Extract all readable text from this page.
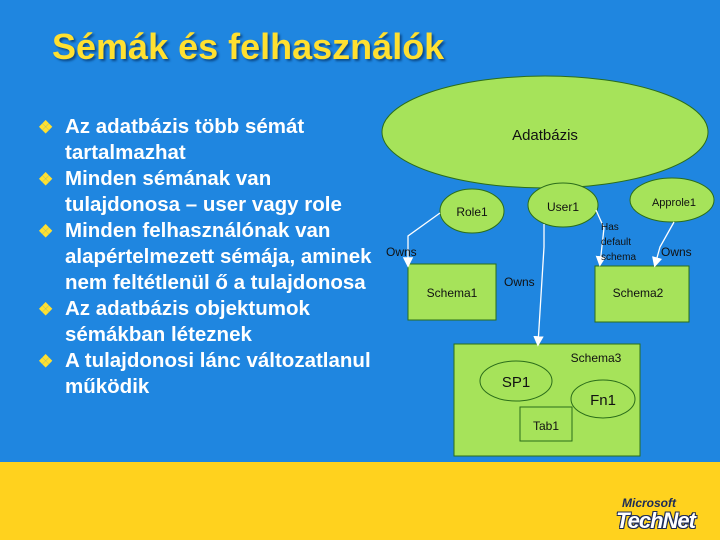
Sémák és felhasználók
❖ Az adatbázis több sémát tartalmazhat
❖ Minden sémának van tulajdonosa – user vagy role
❖ Minden felhasználónak van alapértelmezett sémája, aminek nem feltétlenül ő a tulajdonosa
❖ Az adatbázis objektumok sémákban léteznek
❖ A tulajdonosi lánc változatlanul működik
Adatbázis
Role1	User1	Approle1
Owns
Owns
Owns
Has
default
schema
Schema1	Schema2
Schema3
SP1
Fn1
Tab1
Microsoft
TechNet
